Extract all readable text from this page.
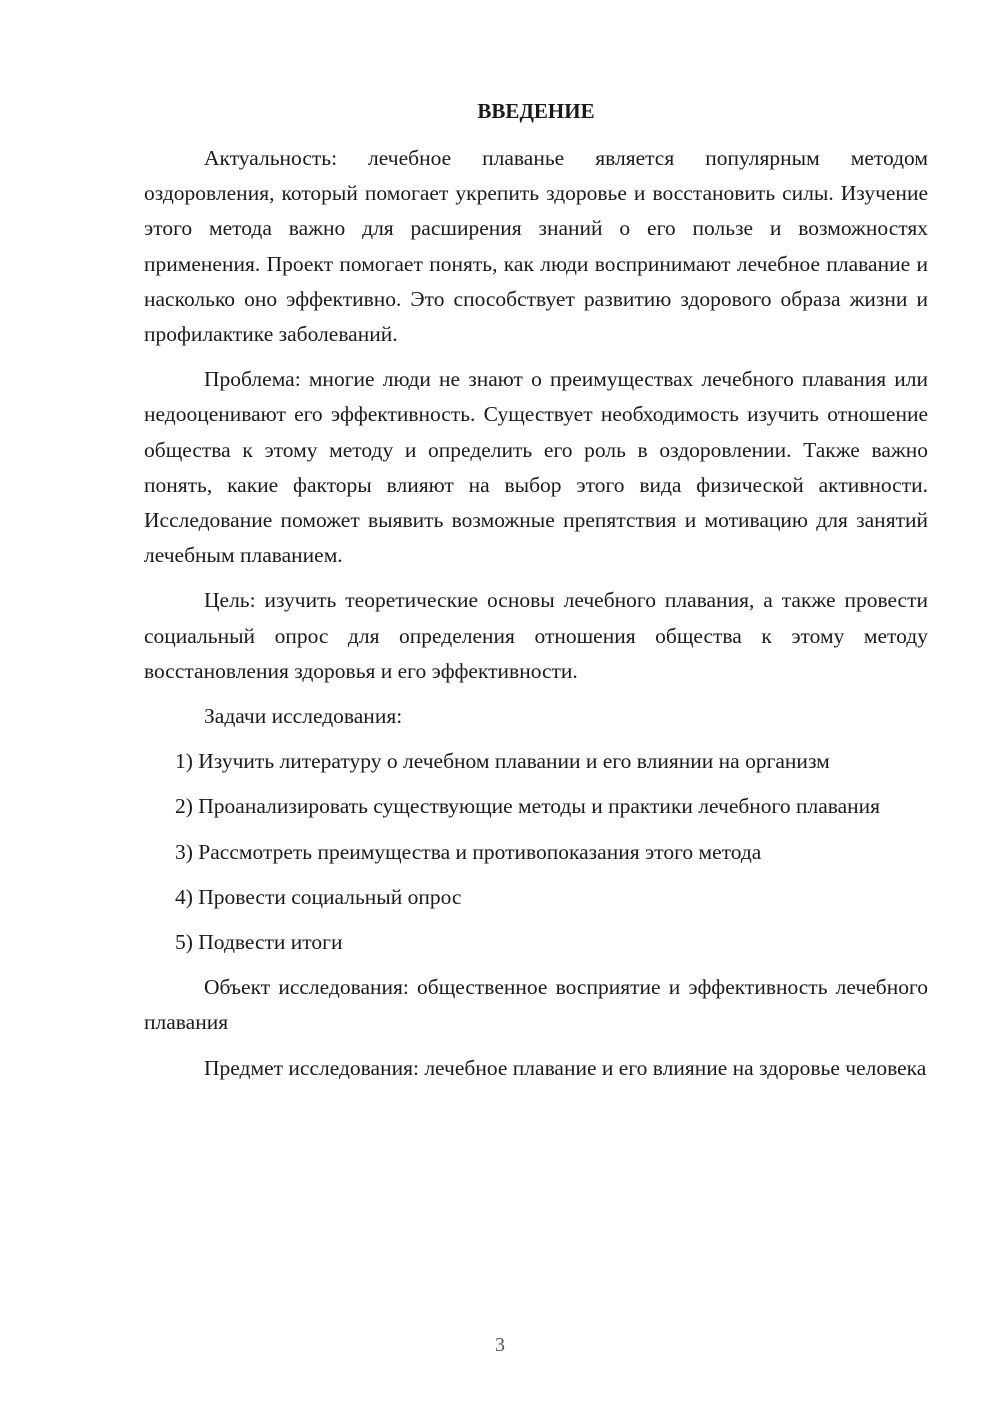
ВВЕДЕНИЕ

Актуальность: лечебное плаванье является популярным методом оздоровления, который помогает укрепить здоровье и восстановить силы. Изучение этого метода важно для расширения знаний о его пользе и возможностях применения. Проект помогает понять, как люди воспринимают лечебное плавание и насколько оно эффективно. Это способствует развитию здорового образа жизни и профилактике заболеваний.

Проблема: многие люди не знают о преимуществах лечебного плавания или недооценивают его эффективность. Существует необходимость изучить отношение общества к этому методу и определить его роль в оздоровлении. Также важно понять, какие факторы влияют на выбор этого вида физической активности. Исследование поможет выявить возможные препятствия и мотивацию для занятий лечебным плаванием.

Цель: изучить теоретические основы лечебного плавания, а также провести социальный опрос для определения отношения общества к этому методу восстановления здоровья и его эффективности.

Задачи исследования:

1) Изучить литературу о лечебном плавании и его влиянии на организм

2) Проанализировать существующие методы и практики лечебного плавания

3) Рассмотреть преимущества и противопоказания этого метода

4) Провести социальный опрос

5) Подвести итоги

Объект исследования: общественное восприятие и эффективность лечебного плавания

Предмет исследования: лечебное плавание и его влияние на здоровье человека

3
